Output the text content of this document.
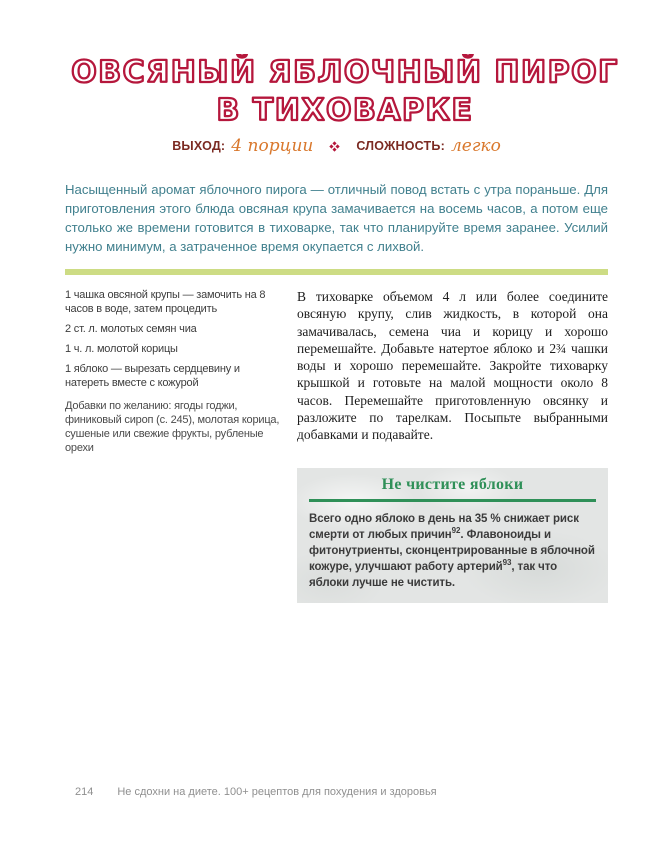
ОВСЯНЫЙ ЯБЛОЧНЫЙ ПИРОГ
В ТИХОВАРКЕ
ВЫХОД: 4 порции	СЛОЖНОСТЬ: легко

Насыщенный аромат яблочного пирога — отличный повод встать с утра пораньше. Для приготовления этого блюда овсяная крупа замачивается на восемь часов, а потом еще столько же времени готовится в тиховарке, так что планируйте время заранее. Усилий нужно минимум, а затраченное время окупается с лихвой.

1 чашка овсяной крупы — замочить на 8 часов в воде, затем процедить

2 ст. л. молотых семян чиа

1 ч. л. молотой корицы

1 яблоко — вырезать сердцевину и натереть вместе с кожурой

Добавки по желанию: ягоды годжи, финиковый сироп (с. 245), молотая корица, сушеные или свежие фрукты, рубленые орехи

В тиховарке объемом 4 л или более соедините овсяную крупу, слив жидкость, в которой она замачивалась, семена чиа и корицу и хорошо перемешайте. Добавьте натертое яблоко и 2¾ чашки воды и хорошо перемешайте. Закройте тиховарку крышкой и готовьте на малой мощности около 8 часов. Перемешайте приготовленную овсянку и разложите по тарелкам. Посыпьте выбранными добавками и подавайте.

Не чистите яблоки

Всего одно яблоко в день на 35 % снижает риск смерти от любых причин$^{92}$. Флавоноиды и фитонутриенты, сконцентрированные в яблочной кожуре, улучшают работу артерий$^{93}$, так что яблоки лучше не чистить.

214 Не сдохни на диете. 100+ рецептов для похудения и здоровья
